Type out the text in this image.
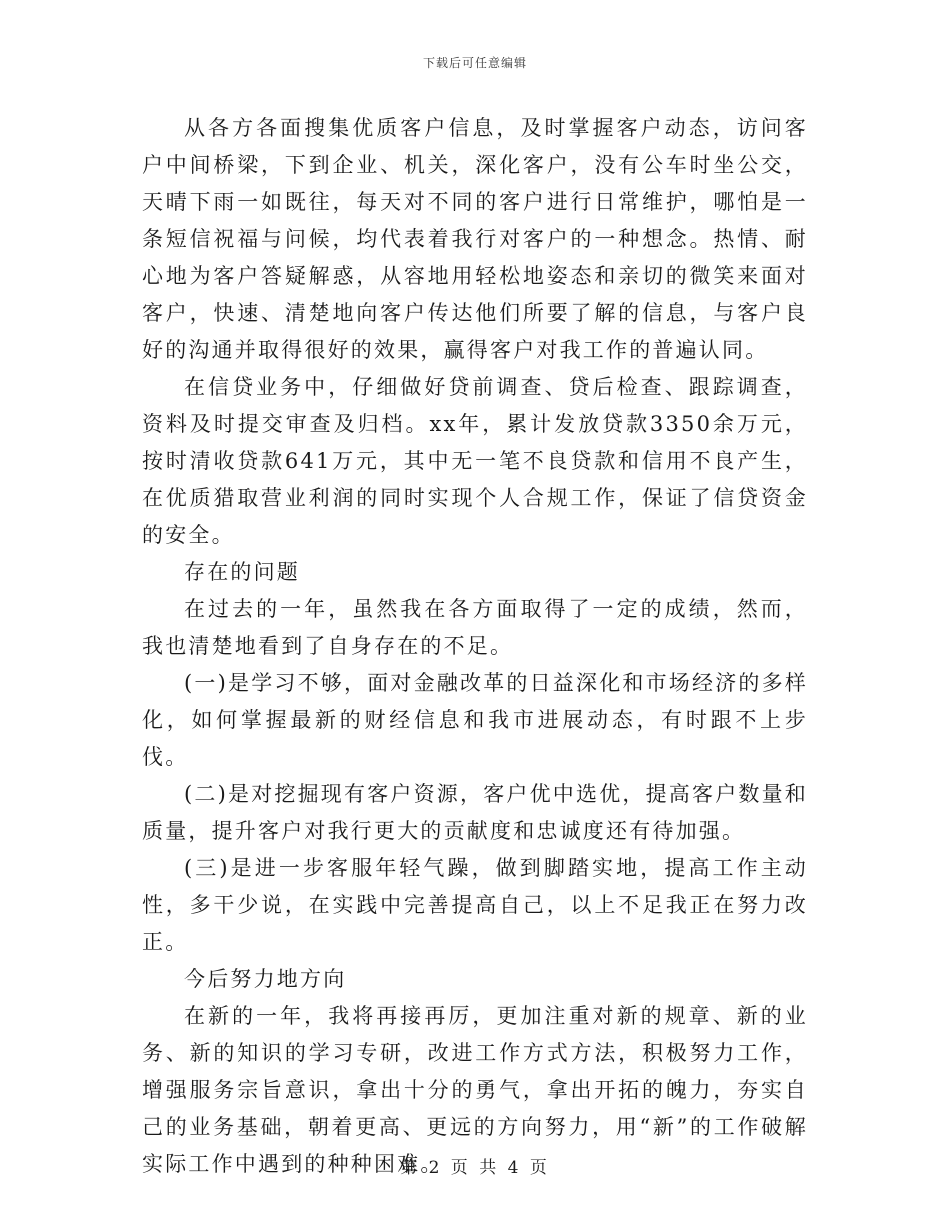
下载后可任意编辑

从各方各面搜集优质客户信息，及时掌握客户动态，访问客户中间桥梁，下到企业、机关，深化客户，没有公车时坐公交，天晴下雨一如既往，每天对不同的客户进行日常维护，哪怕是一条短信祝福与问候，均代表着我行对客户的一种想念。热情、耐心地为客户答疑解惑，从容地用轻松地姿态和亲切的微笑来面对客户，快速、清楚地向客户传达他们所要了解的信息，与客户良好的沟通并取得很好的效果，赢得客户对我工作的普遍认同。

在信贷业务中，仔细做好贷前调查、贷后检查、跟踪调查，资料及时提交审查及归档。xx年，累计发放贷款3350余万元，按时清收贷款641万元，其中无一笔不良贷款和信用不良产生，在优质猎取营业利润的同时实现个人合规工作，保证了信贷资金的安全。

存在的问题

在过去的一年，虽然我在各方面取得了一定的成绩，然而，我也清楚地看到了自身存在的不足。

(一)是学习不够，面对金融改革的日益深化和市场经济的多样化，如何掌握最新的财经信息和我市进展动态，有时跟不上步伐。

(二)是对挖掘现有客户资源，客户优中选优，提高客户数量和质量，提升客户对我行更大的贡献度和忠诚度还有待加强。

(三)是进一步客服年轻气躁，做到脚踏实地，提高工作主动性，多干少说，在实践中完善提高自己，以上不足我正在努力改正。

今后努力地方向

在新的一年，我将再接再厉，更加注重对新的规章、新的业务、新的知识的学习专研，改进工作方式方法，积极努力工作，增强服务宗旨意识，拿出十分的勇气，拿出开拓的魄力，夯实自己的业务基础，朝着更高、更远的方向努力，用“新”的工作破解实际工作中遇到的种种困难。

第 2 页 共 4 页
